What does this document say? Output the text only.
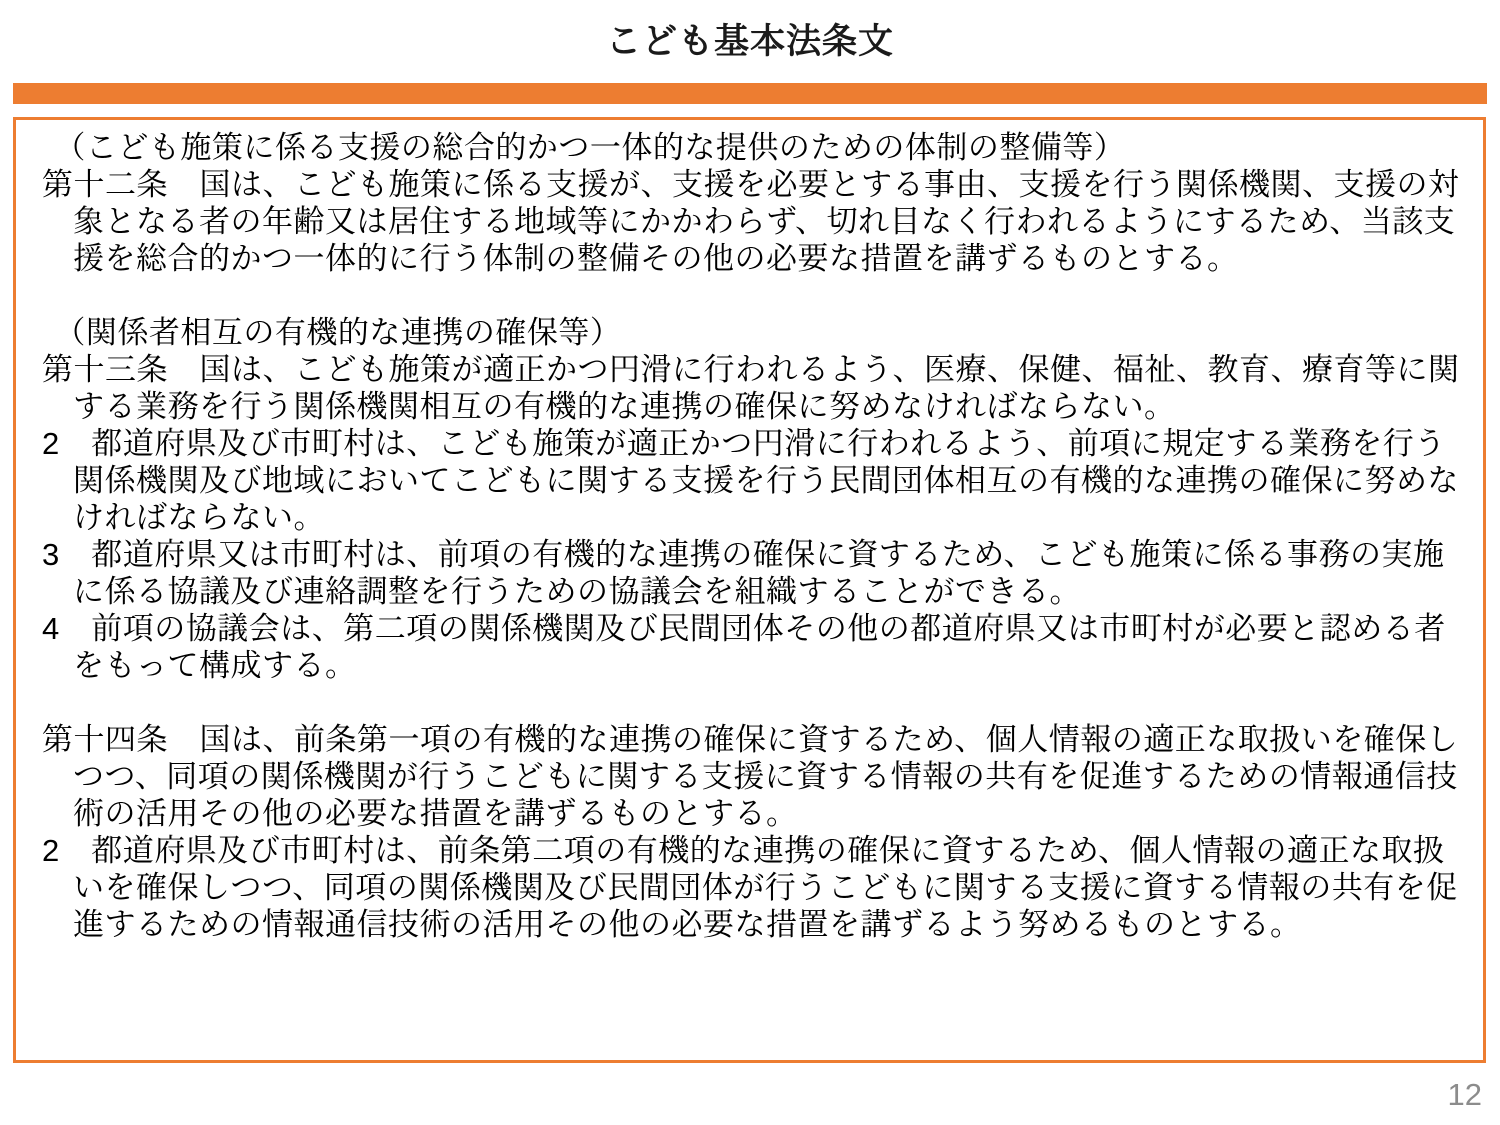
こども基本法条文
（こども施策に係る支援の総合的かつ一体的な提供のための体制の整備等）
第十二条　国は、こども施策に係る支援が、支援を必要とする事由、支援を行う関係機関、支援の対象となる者の年齢又は居住する地域等にかかわらず、切れ目なく行われるようにするため、当該支援を総合的かつ一体的に行う体制の整備その他の必要な措置を講ずるものとする。

（関係者相互の有機的な連携の確保等）
第十三条　国は、こども施策が適正かつ円滑に行われるよう、医療、保健、福祉、教育、療育等に関する業務を行う関係機関相互の有機的な連携の確保に努めなければならない。
2　都道府県及び市町村は、こども施策が適正かつ円滑に行われるよう、前項に規定する業務を行う関係機関及び地域においてこどもに関する支援を行う民間団体相互の有機的な連携の確保に努めなければならない。
3　都道府県又は市町村は、前項の有機的な連携の確保に資するため、こども施策に係る事務の実施に係る協議及び連絡調整を行うための協議会を組織することができる。
4　前項の協議会は、第二項の関係機関及び民間団体その他の都道府県又は市町村が必要と認める者をもって構成する。

第十四条　国は、前条第一項の有機的な連携の確保に資するため、個人情報の適正な取扱いを確保しつつ、同項の関係機関が行うこどもに関する支援に資する情報の共有を促進するための情報通信技術の活用その他の必要な措置を講ずるものとする。
2　都道府県及び市町村は、前条第二項の有機的な連携の確保に資するため、個人情報の適正な取扱いを確保しつつ、同項の関係機関及び民間団体が行うこどもに関する支援に資する情報の共有を促進するための情報通信技術の活用その他の必要な措置を講ずるよう努めるものとする。
12
